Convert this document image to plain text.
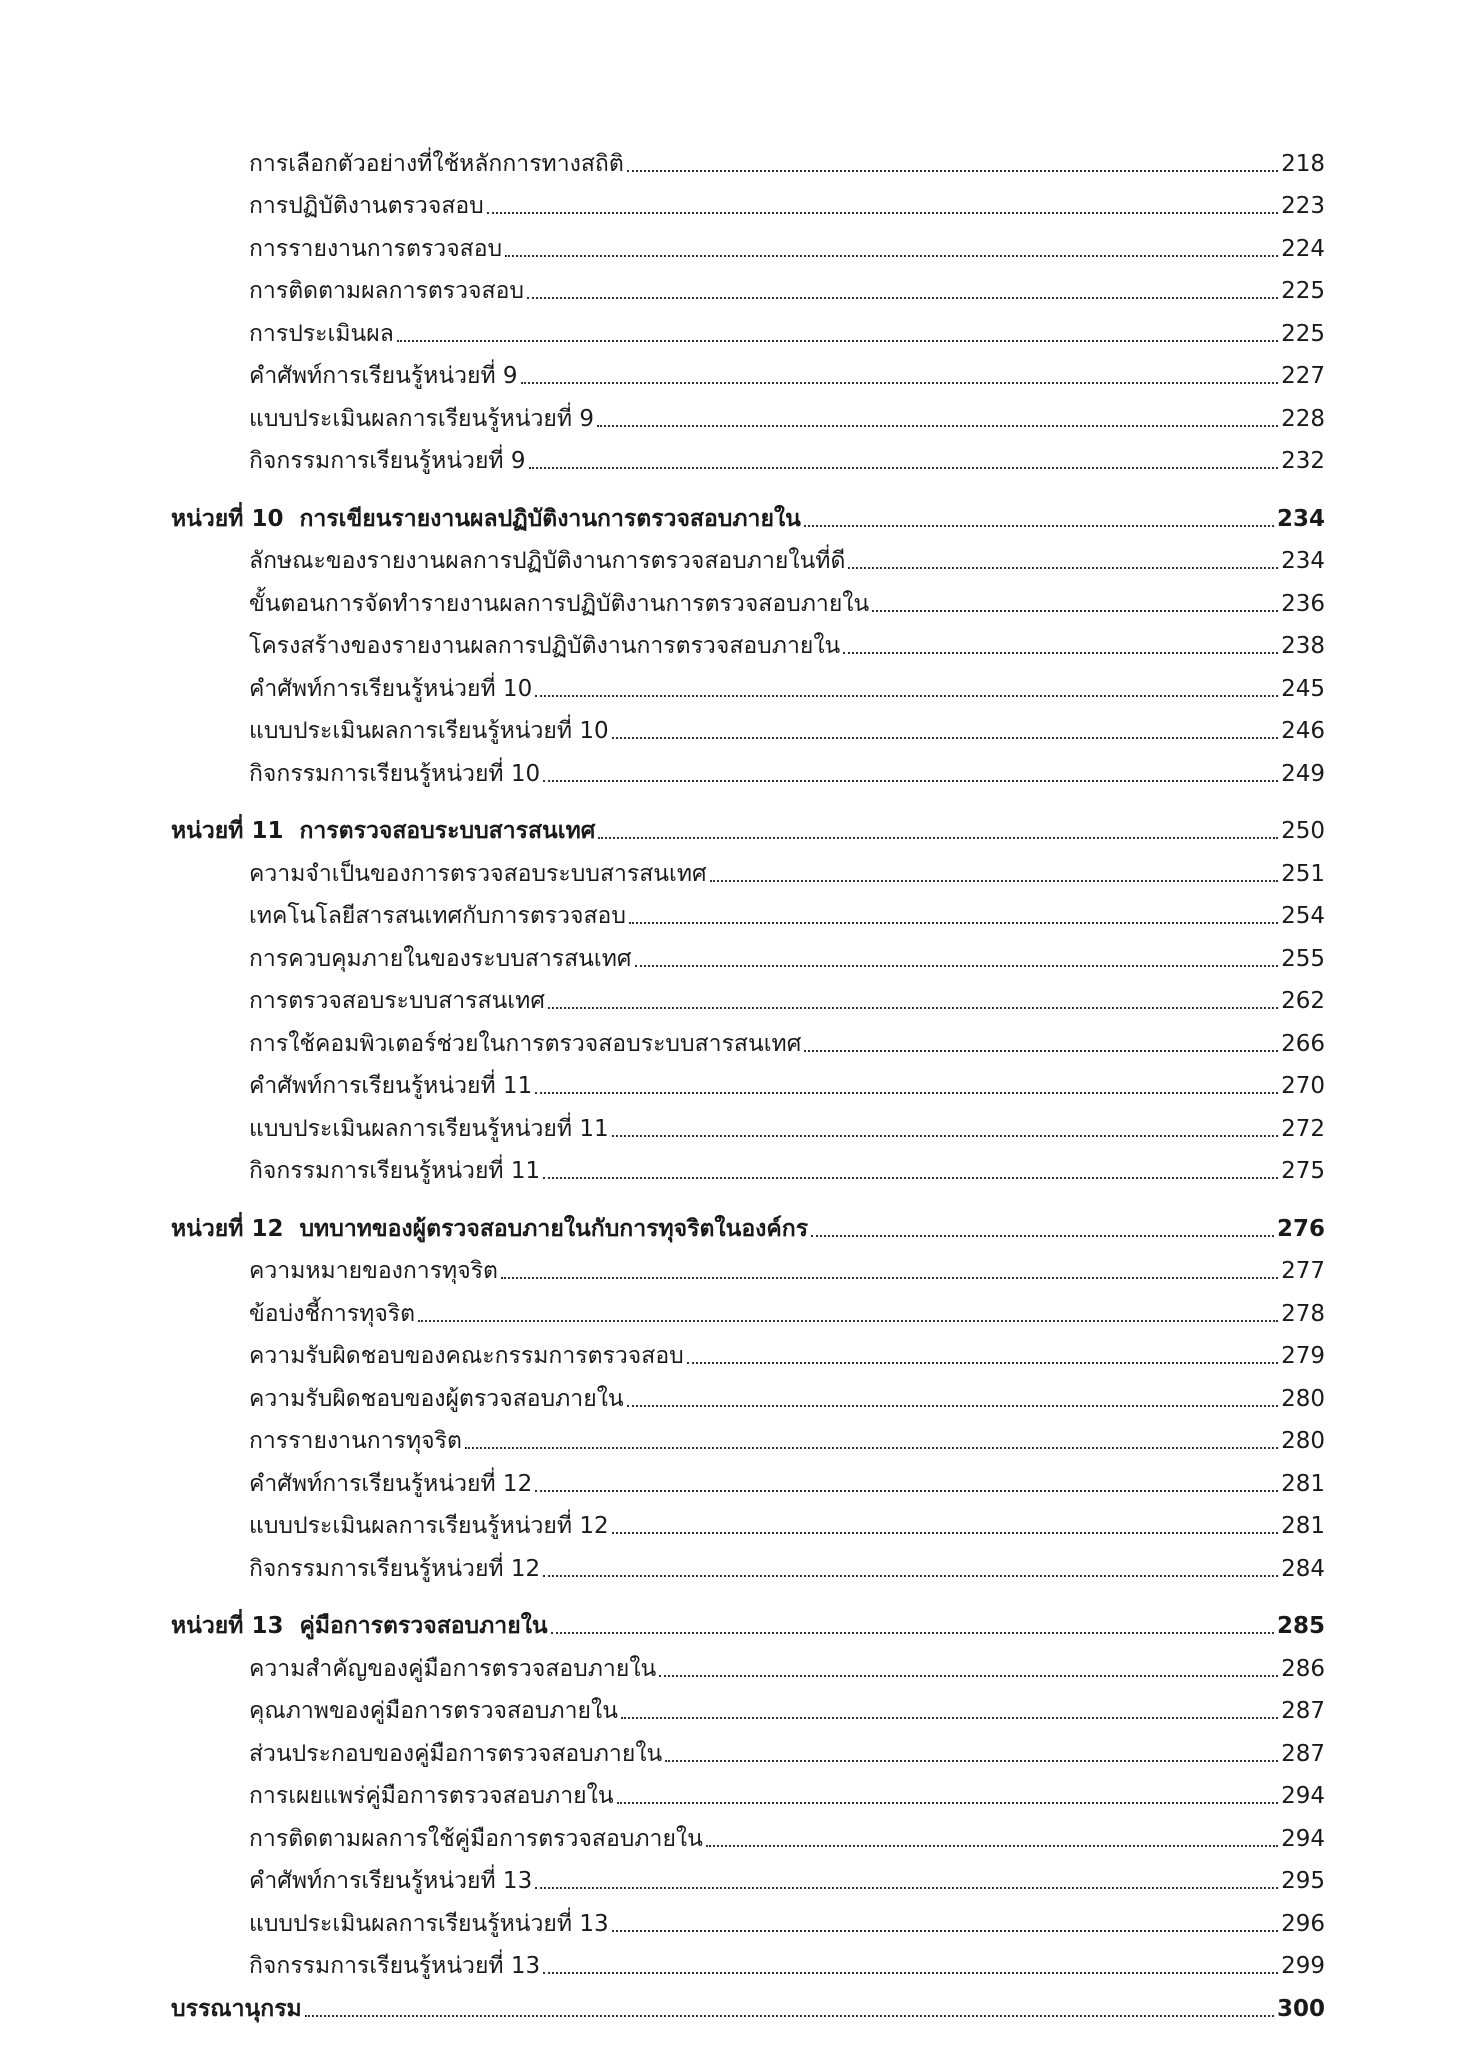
การเลือกตัวอย่างที่ใช้หลักการทางสถิติ	218
การปฏิบัติงานตรวจสอบ	223
การรายงานการตรวจสอบ	224
การติดตามผลการตรวจสอบ	225
การประเมินผล	225
คำศัพท์การเรียนรู้หน่วยที่ 9	227
แบบประเมินผลการเรียนรู้หน่วยที่ 9	228
กิจกรรมการเรียนรู้หน่วยที่ 9	232
หน่วยที่ 10 การเขียนรายงานผลปฏิบัติงานการตรวจสอบภายใน	234
ลักษณะของรายงานผลการปฏิบัติงานการตรวจสอบภายในที่ดี	234
ขั้นตอนการจัดทำรายงานผลการปฏิบัติงานการตรวจสอบภายใน	236
โครงสร้างของรายงานผลการปฏิบัติงานการตรวจสอบภายใน	238
คำศัพท์การเรียนรู้หน่วยที่ 10	245
แบบประเมินผลการเรียนรู้หน่วยที่ 10	246
กิจกรรมการเรียนรู้หน่วยที่ 10	249
หน่วยที่ 11 การตรวจสอบระบบสารสนเทศ	250
ความจำเป็นของการตรวจสอบระบบสารสนเทศ	251
เทคโนโลยีสารสนเทศกับการตรวจสอบ	254
การควบคุมภายในของระบบสารสนเทศ	255
การตรวจสอบระบบสารสนเทศ	262
การใช้คอมพิวเตอร์ช่วยในการตรวจสอบระบบสารสนเทศ	266
คำศัพท์การเรียนรู้หน่วยที่ 11	270
แบบประเมินผลการเรียนรู้หน่วยที่ 11	272
กิจกรรมการเรียนรู้หน่วยที่ 11	275
หน่วยที่ 12 บทบาทของผู้ตรวจสอบภายในกับการทุจริตในองค์กร	276
ความหมายของการทุจริต	277
ข้อบ่งชี้การทุจริต	278
ความรับผิดชอบของคณะกรรมการตรวจสอบ	279
ความรับผิดชอบของผู้ตรวจสอบภายใน	280
การรายงานการทุจริต	280
คำศัพท์การเรียนรู้หน่วยที่ 12	281
แบบประเมินผลการเรียนรู้หน่วยที่ 12	281
กิจกรรมการเรียนรู้หน่วยที่ 12	284
หน่วยที่ 13 คู่มือการตรวจสอบภายใน	285
ความสำคัญของคู่มือการตรวจสอบภายใน	286
คุณภาพของคู่มือการตรวจสอบภายใน	287
ส่วนประกอบของคู่มือการตรวจสอบภายใน	287
การเผยแพร่คู่มือการตรวจสอบภายใน	294
การติดตามผลการใช้คู่มือการตรวจสอบภายใน	294
คำศัพท์การเรียนรู้หน่วยที่ 13	295
แบบประเมินผลการเรียนรู้หน่วยที่ 13	296
กิจกรรมการเรียนรู้หน่วยที่ 13	299
บรรณานุกรม	300
